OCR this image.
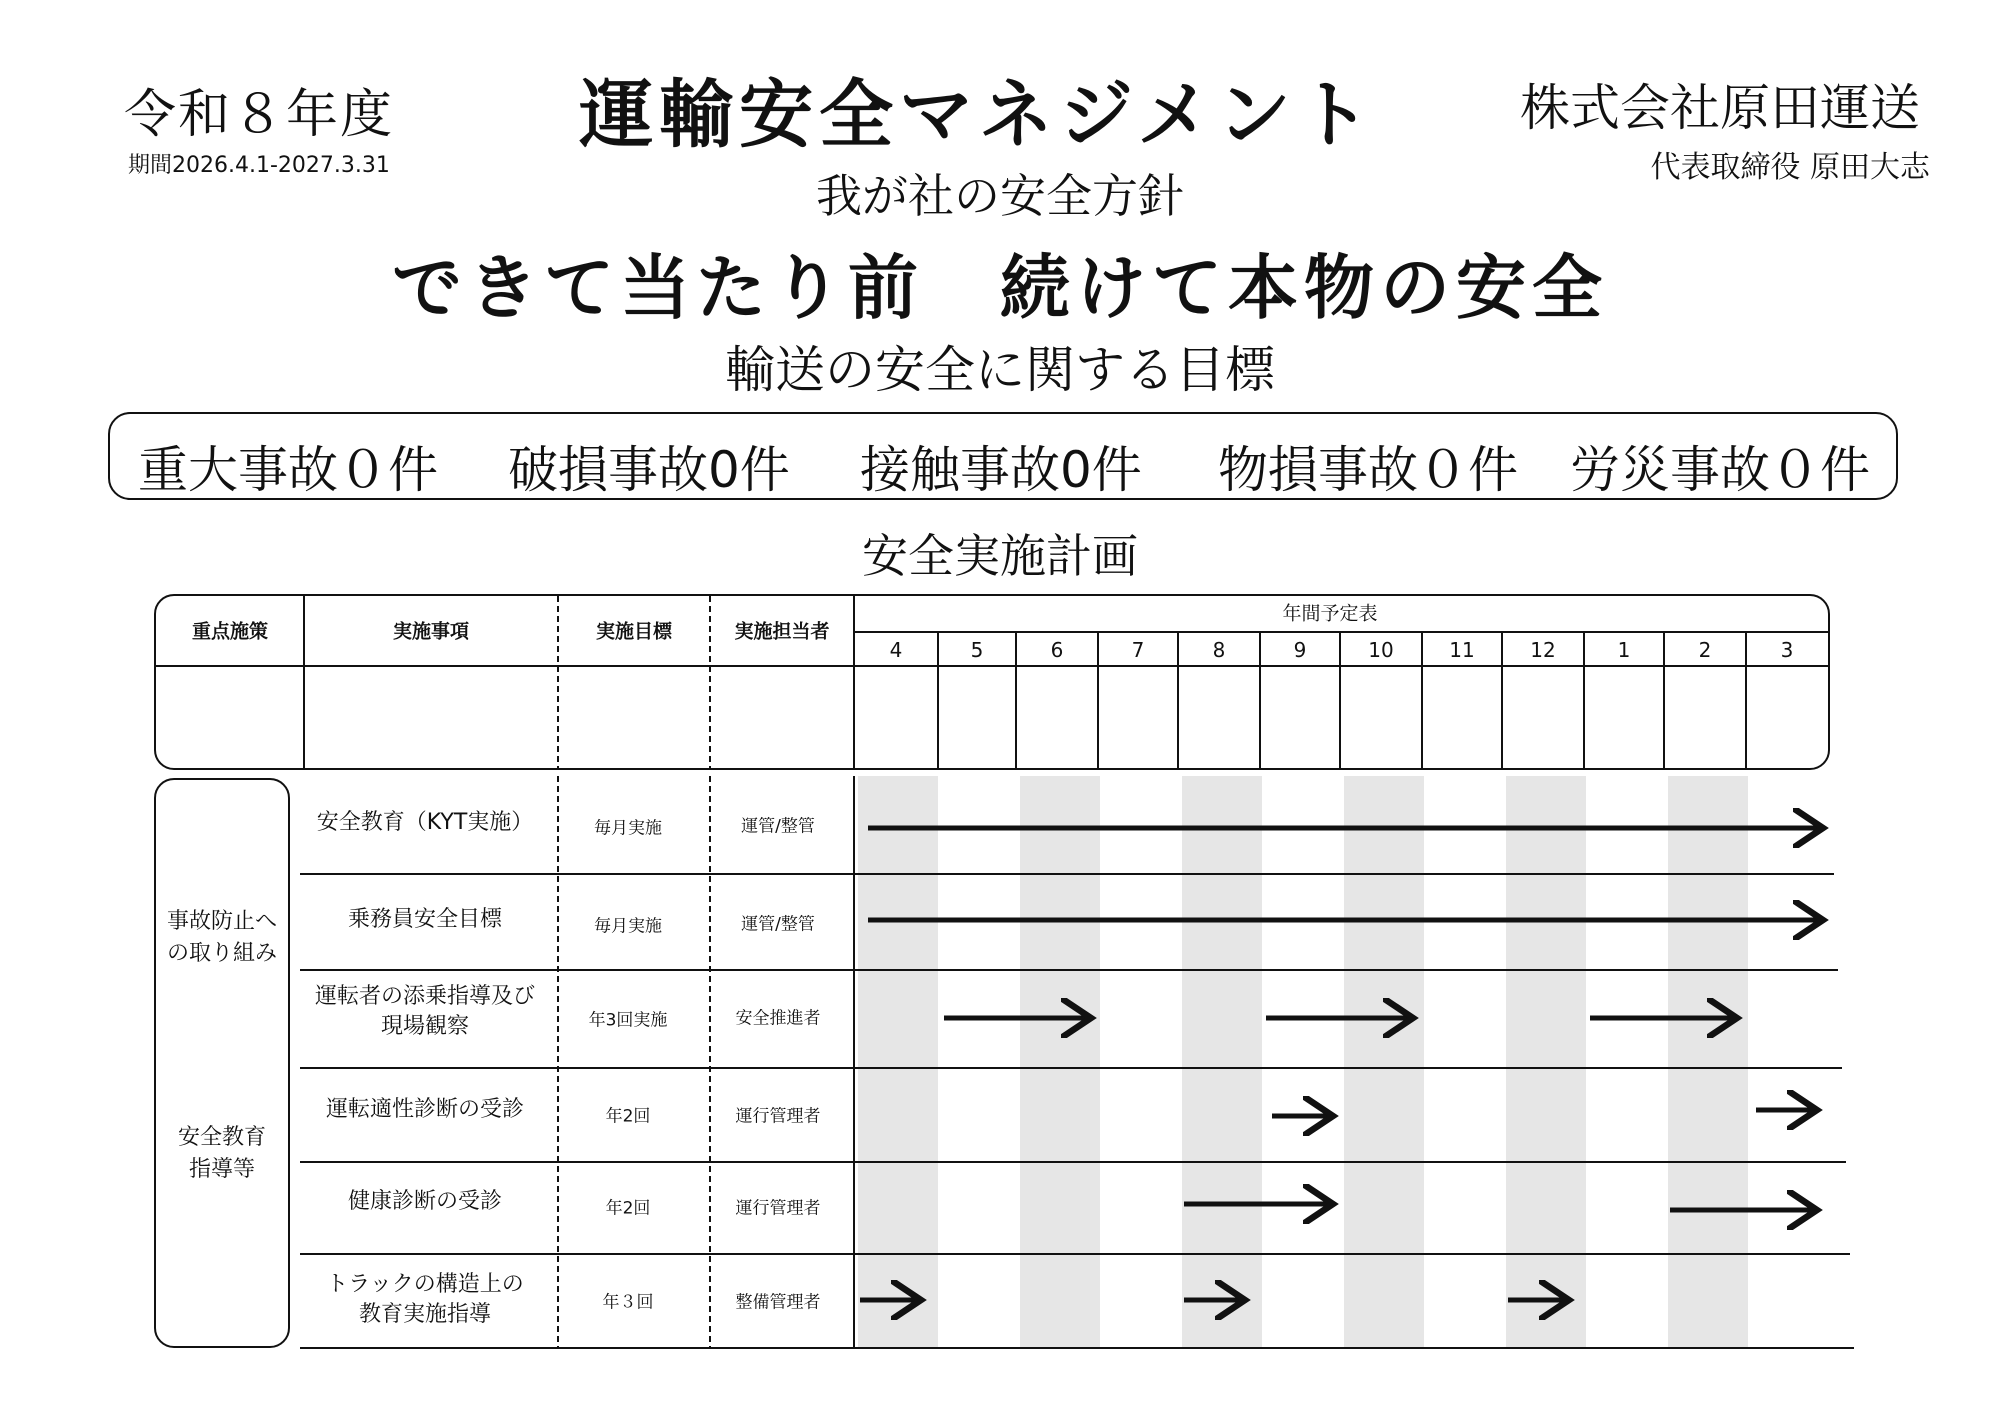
令和８年度
期間2026.4.1-2027.3.31
運輸安全マネジメント	株式会社原田運送
代表取締役 原田大志
我が社の安全方針
できて当たり前　続けて本物の安全
輸送の安全に関する目標
重大事故０件 破損事故0件 接触事故0件 物損事故０件 労災事故０件
安全実施計画
重点施策	実施事項	実施目標	実施担当者
年間予定表
4	5	6	7	8	9	10	11	12	1	2	3
事故防止への取り組み
安全教育指導等
安全教育（KYT実施）	毎月実施	運管/整管
乗務員安全目標	毎月実施	運管/整管
運転者の添乗指導及び
現場観察	年3回実施	安全推進者
運転適性診断の受診	年2回	運行管理者
健康診断の受診	年2回	運行管理者
トラックの構造上の
教育実施指導	年３回	整備管理者
